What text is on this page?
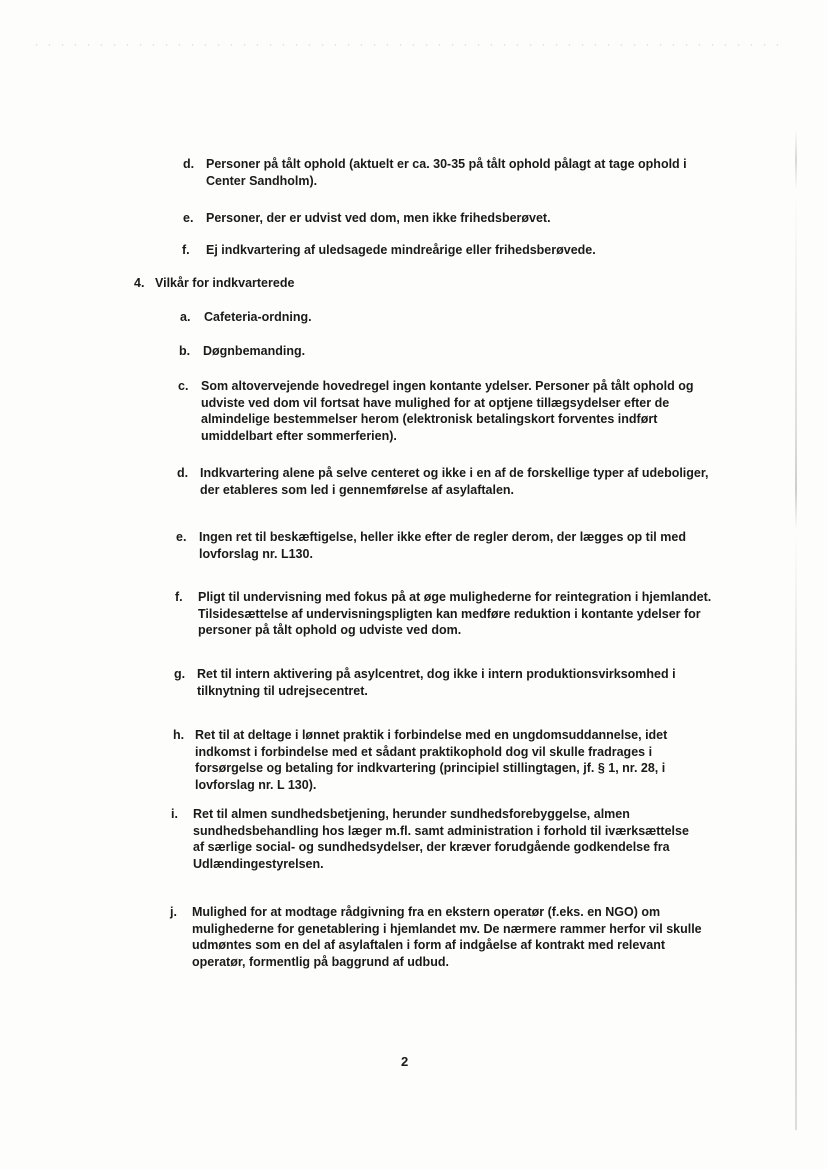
d. Personer på tålt ophold (aktuelt er ca. 30-35 på tålt ophold pålagt at tage ophold i Center Sandholm).
e. Personer, der er udvist ved dom, men ikke frihedsberøvet.
f. Ej indkvartering af uledsagede mindreårige eller frihedsberøvede.
4. Vilkår for indkvarterede
a. Cafeteria-ordning.
b. Døgnbemanding.
c. Som altovervejende hovedregel ingen kontante ydelser. Personer på tålt ophold og udviste ved dom vil fortsat have mulighed for at optjene tillægsydelser efter de almindelige bestemmelser herom (elektronisk betalingskort forventes indført umiddelbart efter sommerferien).
d. Indkvartering alene på selve centeret og ikke i en af de forskellige typer af udeboliger, der etableres som led i gennemførelse af asylaftalen.
e. Ingen ret til beskæftigelse, heller ikke efter de regler derom, der lægges op til med lovforslag nr. L130.
f. Pligt til undervisning med fokus på at øge mulighederne for reintegration i hjemlandet. Tilsidesættelse af undervisningspligten kan medføre reduktion i kontante ydelser for personer på tålt ophold og udviste ved dom.
g. Ret til intern aktivering på asylcentret, dog ikke i intern produktionsvirksomhed i tilknytning til udrejsecentret.
h. Ret til at deltage i lønnet praktik i forbindelse med en ungdomsuddannelse, idet indkomst i forbindelse med et sådant praktikophold dog vil skulle fradrages i forsørgelse og betaling for indkvartering (principiel stillingtagen, jf. § 1, nr. 28, i lovforslag nr. L 130).
i. Ret til almen sundhedsbetjening, herunder sundhedsforebyggelse, almen sundhedsbehandling hos læger m.fl. samt administration i forhold til iværksættelse af særlige social- og sundhedsydelser, der kræver forudgående godkendelse fra Udlændingestyrelsen.
j. Mulighed for at modtage rådgivning fra en ekstern operatør (f.eks. en NGO) om mulighederne for genetablering i hjemlandet mv. De nærmere rammer herfor vil skulle udmøntes som en del af asylaftalen i form af indgåelse af kontrakt med relevant operatør, formentlig på baggrund af udbud.
2
